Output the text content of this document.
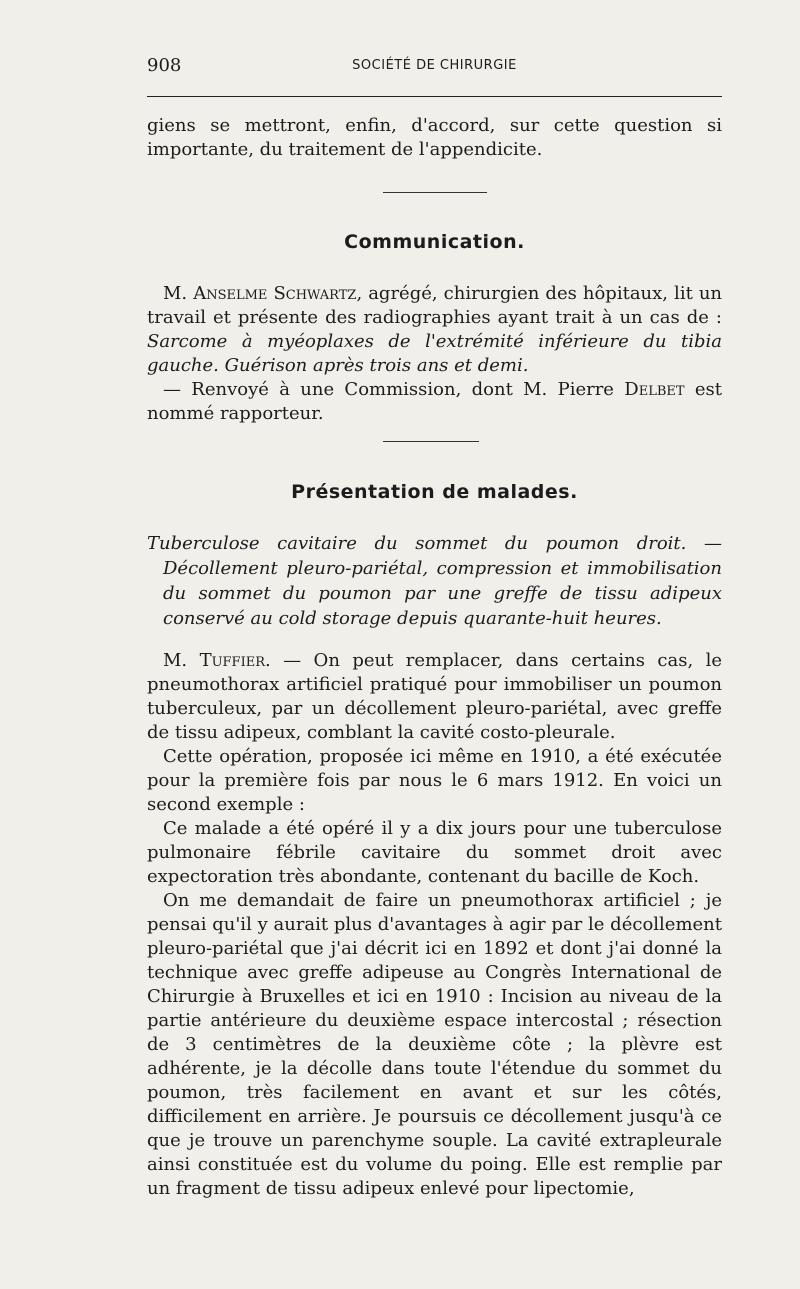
908	SOCIÉTÉ DE CHIRURGIE

giens se mettront, enfin, d'accord, sur cette question si importante, du traitement de l'appendicite.

Communication.

M. Anselme Schwartz, agrégé, chirurgien des hôpitaux, lit un travail et présente des radiographies ayant trait à un cas de : Sarcome à myéoplaxes de l'extrémité inférieure du tibia gauche. Guérison après trois ans et demi.

— Renvoyé à une Commission, dont M. Pierre Delbet est nommé rapporteur.

Présentation de malades.

Tuberculose cavitaire du sommet du poumon droit. — Décollement pleuro-pariétal, compression et immobilisation du sommet du poumon par une greffe de tissu adipeux conservé au cold storage depuis quarante-huit heures.

M. Tuffier. — On peut remplacer, dans certains cas, le pneumothorax artificiel pratiqué pour immobiliser un poumon tuberculeux, par un décollement pleuro-pariétal, avec greffe de tissu adipeux, comblant la cavité costo-pleurale.

Cette opération, proposée ici même en 1910, a été exécutée pour la première fois par nous le 6 mars 1912. En voici un second exemple :

Ce malade a été opéré il y a dix jours pour une tuberculose pulmonaire fébrile cavitaire du sommet droit avec expectoration très abondante, contenant du bacille de Koch.

On me demandait de faire un pneumothorax artificiel ; je pensai qu'il y aurait plus d'avantages à agir par le décollement pleuro-pariétal que j'ai décrit ici en 1892 et dont j'ai donné la technique avec greffe adipeuse au Congrès International de Chirurgie à Bruxelles et ici en 1910 : Incision au niveau de la partie antérieure du deuxième espace intercostal ; résection de 3 centimètres de la deuxième côte ; la plèvre est adhérente, je la décolle dans toute l'étendue du sommet du poumon, très facilement en avant et sur les côtés, difficilement en arrière. Je poursuis ce décollement jusqu'à ce que je trouve un parenchyme souple. La cavité extrapleurale ainsi constituée est du volume du poing. Elle est remplie par un fragment de tissu adipeux enlevé pour lipectomie,
